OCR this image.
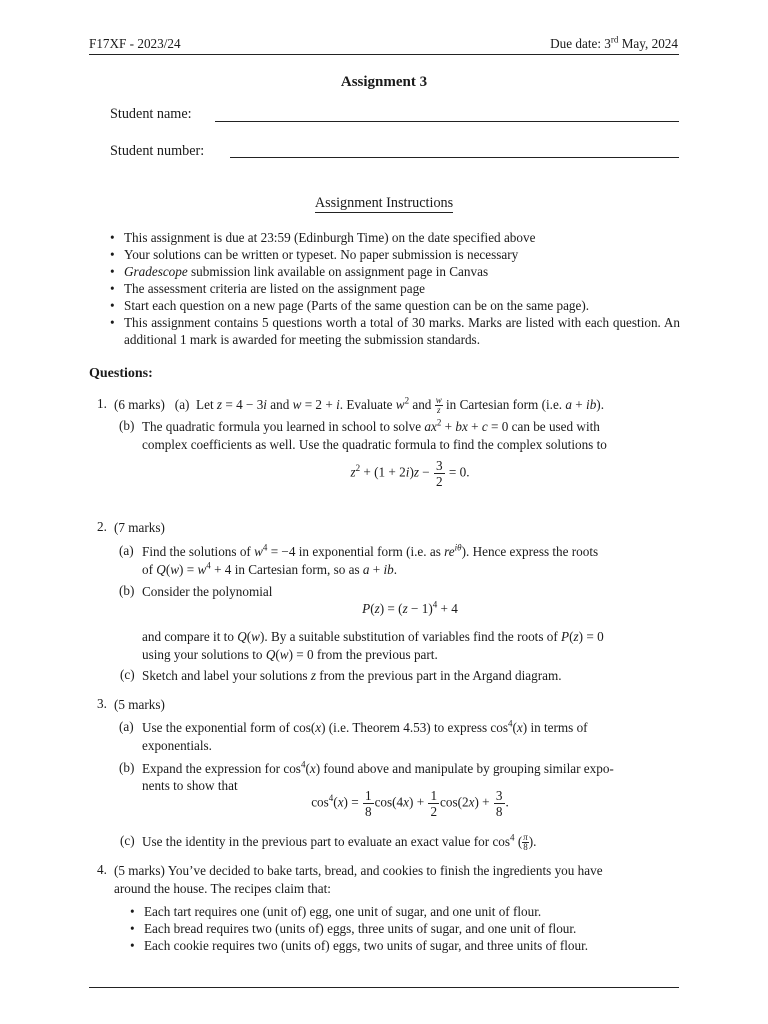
F17XF - 2023/24	Due date: 3rd May, 2024
Assignment 3
Student name:
Student number:
Assignment Instructions
• This assignment is due at 23:59 (Edinburgh Time) on the date specified above
• Your solutions can be written or typeset. No paper submission is necessary
• Gradescope submission link available on assignment page in Canvas
• The assessment criteria are listed on the assignment page
• Start each question on a new page (Parts of the same question can be on the same page).
• This assignment contains 5 questions worth a total of 30 marks. Marks are listed with each question. An additional 1 mark is awarded for meeting the submission standards.
Questions:
1. (6 marks) (a) Let z = 4 − 3i and w = 2 + i. Evaluate $w^2$ and $\frac{w}{z}$ in Cartesian form (i.e. a + ib).
(b) The quadratic formula you learned in school to solve $ax^2$ + bx + c = 0 can be used with
complex coefficients as well. Use the quadratic formula to find the complex solutions to
$z^2 + (1 + 2i)z - \frac{3}{2} = 0$.
2. (7 marks)
(a) Find the solutions of $w^4 = -4$ in exponential form (i.e. as $re^{i\theta}$). Hence express the roots
of $Q(w) = w^4 + 4$ in Cartesian form, so as a + ib.
(b) Consider the polynomial
$P(z) = (z - 1)^4 + 4$
and compare it to Q(w). By a suitable substitution of variables find the roots of P(z) = 0
using your solutions to Q(w) = 0 from the previous part.
(c) Sketch and label your solutions z from the previous part in the Argand diagram.
3. (5 marks)
(a) Use the exponential form of cos(x) (i.e. Theorem 4.53) to express $\cos^4(x)$ in terms of
exponentials.
(b) Expand the expression for $\cos^4(x)$ found above and manipulate by grouping similar expo-
nents to show that
$\cos^4(x) = \frac{1}{8} \cos(4x) + \frac{1}{2} \cos(2x) + \frac{3}{8}$ .
(c) Use the identity in the previous part to evaluate an exact value for $\cos^4$ ( $\frac{\pi}{8}$ ).
4. (5 marks) You’ve decided to bake tarts, bread, and cookies to finish the ingredients you have
around the house. The recipes claim that:
• Each tart requires one (unit of) egg, one unit of sugar, and one unit of flour.
• Each bread requires two (units of) eggs, three units of sugar, and one unit of flour.
• Each cookie requires two (units of) eggs, two units of sugar, and three units of flour.
